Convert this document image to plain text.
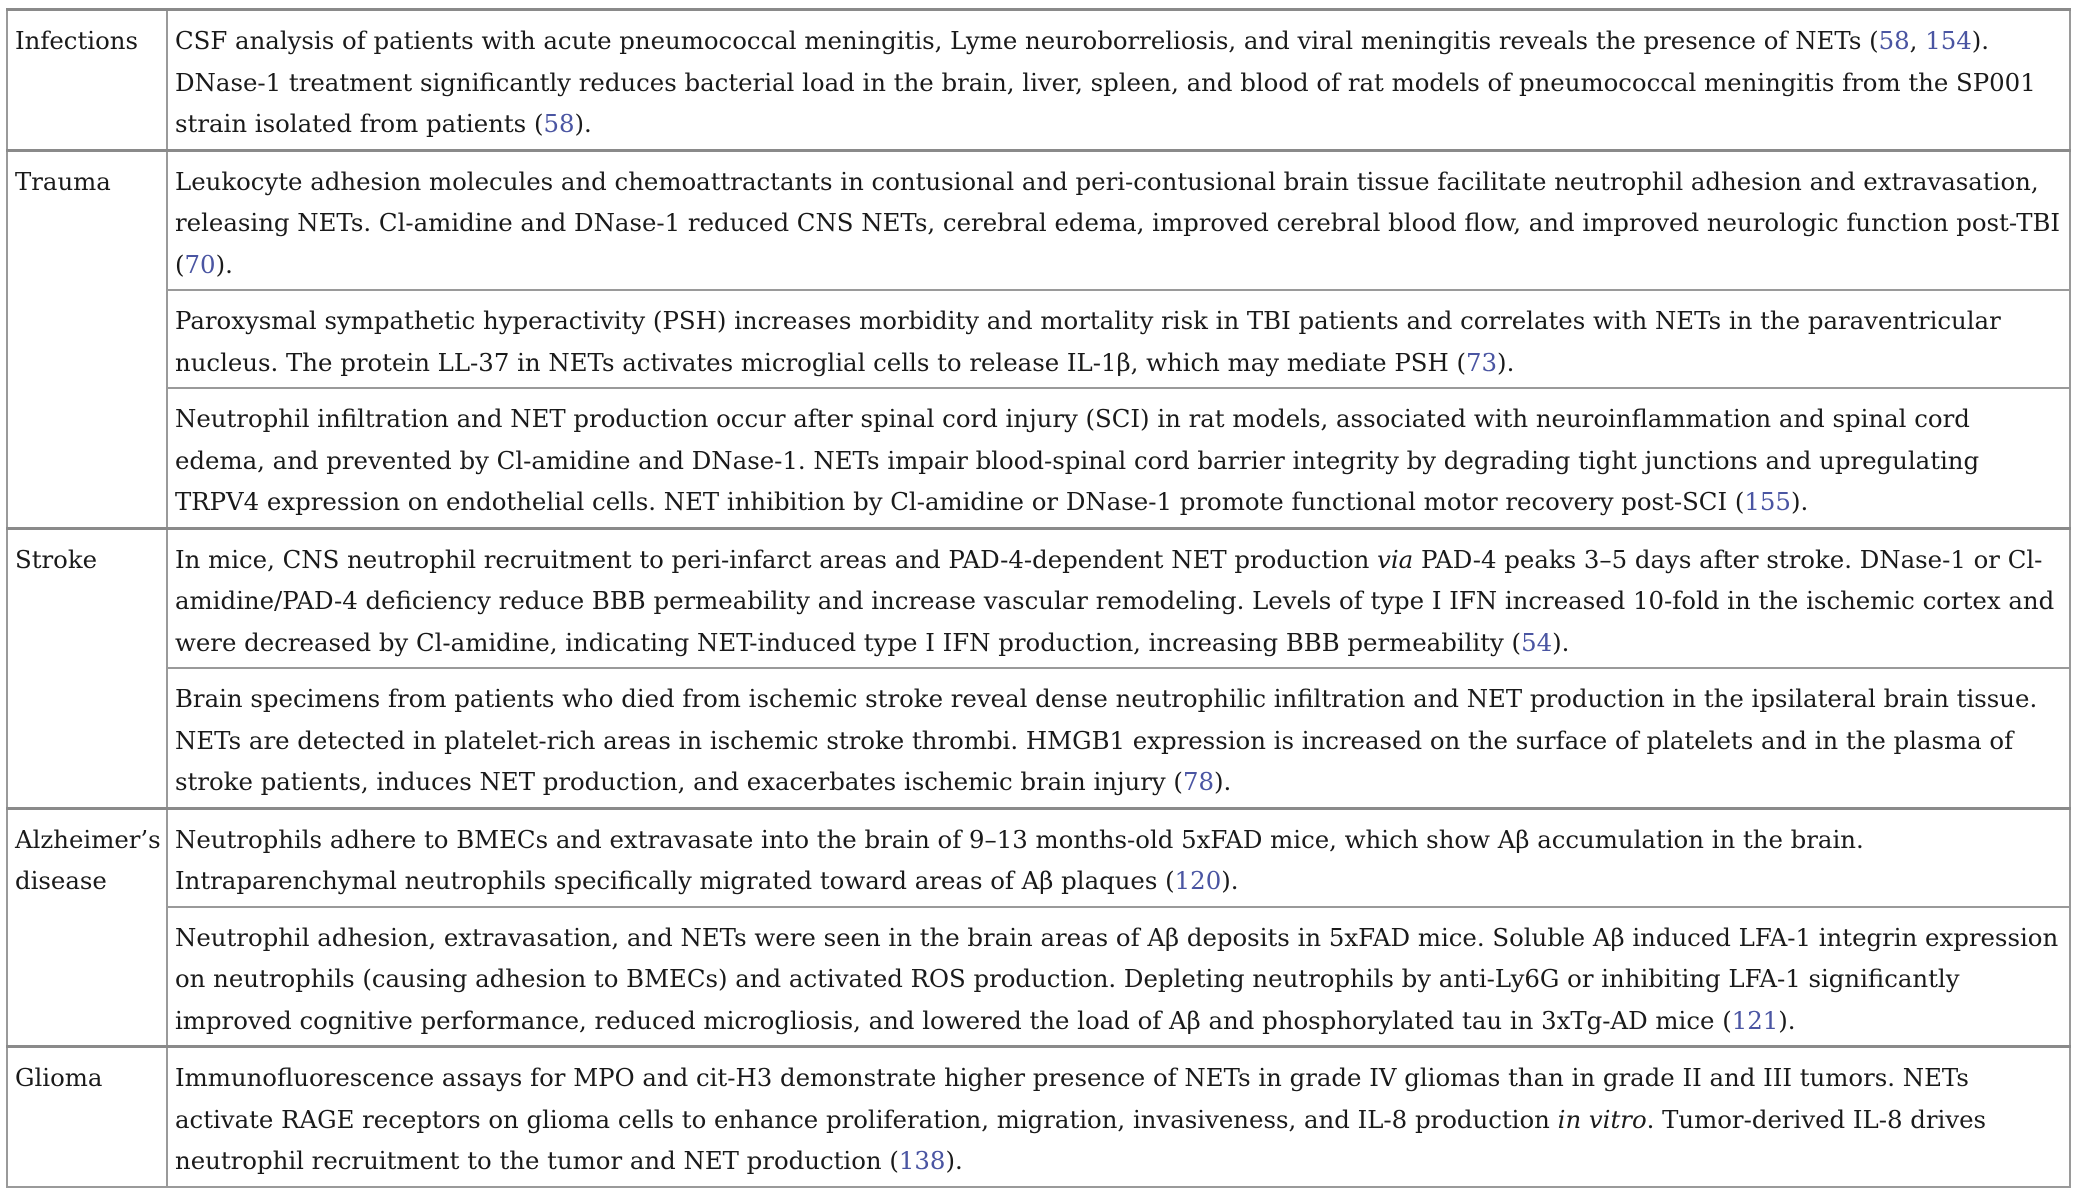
Infections	CSF analysis of patients with acute pneumococcal meningitis, Lyme neuroborreliosis, and viral meningitis reveals the presence of NETs (58, 154). DNase-1 treatment significantly reduces bacterial load in the brain, liver, spleen, and blood of rat models of pneumococcal meningitis from the SP001 strain isolated from patients (58).
Trauma	Leukocyte adhesion molecules and chemoattractants in contusional and peri-contusional brain tissue facilitate neutrophil adhesion and extravasation, releasing NETs. Cl-amidine and DNase-1 reduced CNS NETs, cerebral edema, improved cerebral blood flow, and improved neurologic function post-TBI (70).
	Paroxysmal sympathetic hyperactivity (PSH) increases morbidity and mortality risk in TBI patients and correlates with NETs in the paraventricular nucleus. The protein LL-37 in NETs activates microglial cells to release IL-1β, which may mediate PSH (73).
	Neutrophil infiltration and NET production occur after spinal cord injury (SCI) in rat models, associated with neuroinflammation and spinal cord edema, and prevented by Cl-amidine and DNase-1. NETs impair blood-spinal cord barrier integrity by degrading tight junctions and upregulating TRPV4 expression on endothelial cells. NET inhibition by Cl-amidine or DNase-1 promote functional motor recovery post-SCI (155).
Stroke	In mice, CNS neutrophil recruitment to peri-infarct areas and PAD-4-dependent NET production via PAD-4 peaks 3–5 days after stroke. DNase-1 or Cl-amidine/PAD-4 deficiency reduce BBB permeability and increase vascular remodeling. Levels of type I IFN increased 10-fold in the ischemic cortex and were decreased by Cl-amidine, indicating NET-induced type I IFN production, increasing BBB permeability (54).
	Brain specimens from patients who died from ischemic stroke reveal dense neutrophilic infiltration and NET production in the ipsilateral brain tissue. NETs are detected in platelet-rich areas in ischemic stroke thrombi. HMGB1 expression is increased on the surface of platelets and in the plasma of stroke patients, induces NET production, and exacerbates ischemic brain injury (78).
Alzheimer’s disease	Neutrophils adhere to BMECs and extravasate into the brain of 9–13 months-old 5xFAD mice, which show Aβ accumulation in the brain. Intraparenchymal neutrophils specifically migrated toward areas of Aβ plaques (120).
	Neutrophil adhesion, extravasation, and NETs were seen in the brain areas of Aβ deposits in 5xFAD mice. Soluble Aβ induced LFA-1 integrin expression on neutrophils (causing adhesion to BMECs) and activated ROS production. Depleting neutrophils by anti-Ly6G or inhibiting LFA-1 significantly improved cognitive performance, reduced microgliosis, and lowered the load of Aβ and phosphorylated tau in 3xTg-AD mice (121).
Glioma	Immunofluorescence assays for MPO and cit-H3 demonstrate higher presence of NETs in grade IV gliomas than in grade II and III tumors. NETs activate RAGE receptors on glioma cells to enhance proliferation, migration, invasiveness, and IL-8 production in vitro. Tumor-derived IL-8 drives neutrophil recruitment to the tumor and NET production (138).
